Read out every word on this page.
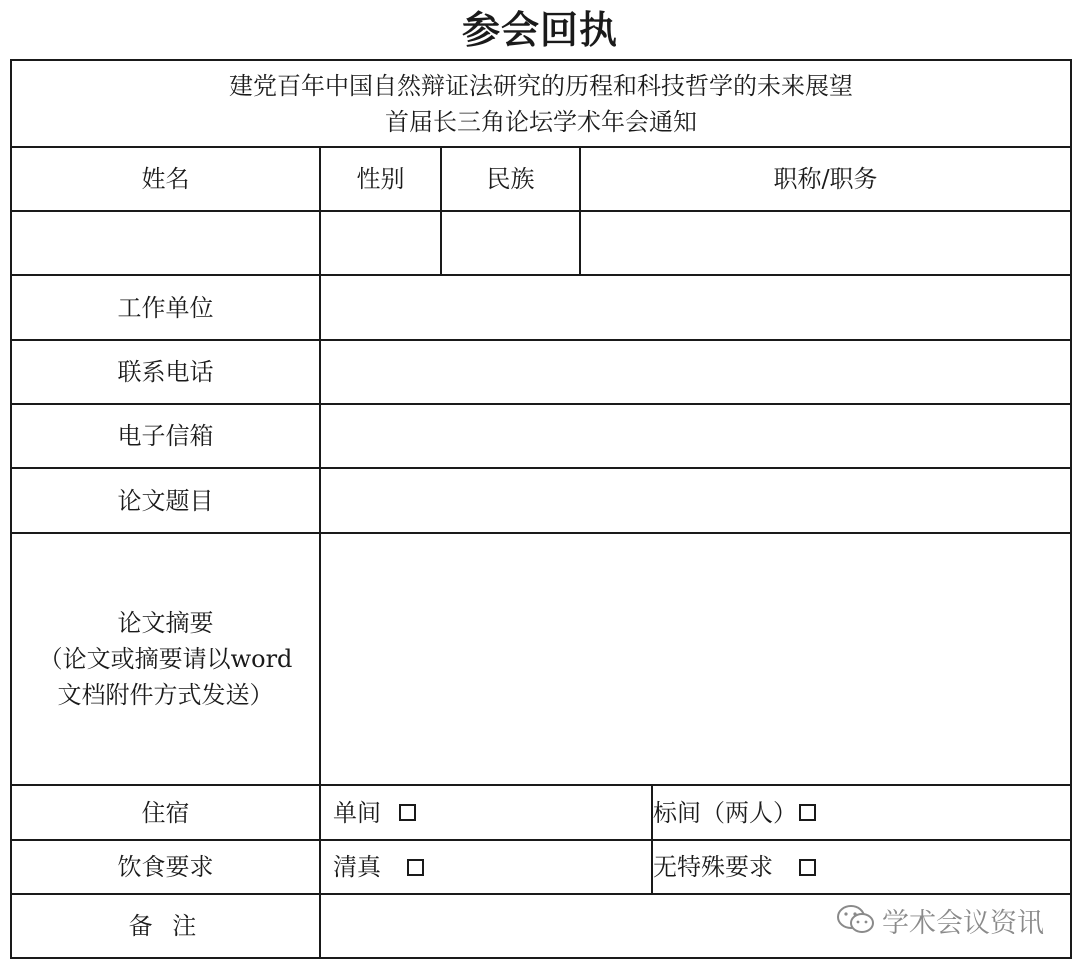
参会回执
建党百年中国自然辩证法研究的历程和科技哲学的未来展望
首届长三角论坛学术年会通知
姓名	性别	民族	职称/职务
工作单位
联系电话
电子信箱
论文题目
论文摘要
（论文或摘要请以word
文档附件方式发送）
住宿	单间	标间（两人）
饮食要求	清真	无特殊要求
备 注	学术会议资讯
